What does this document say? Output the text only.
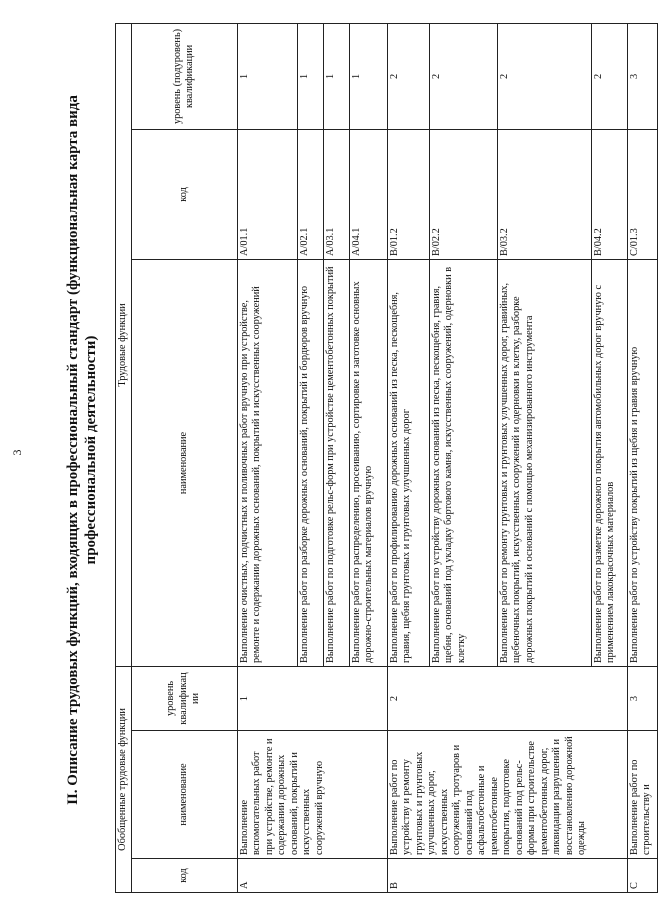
3	II. Описание трудовых функций, входящих в профессиональный стандарт (функциональная карта вида профессиональной деятельности)
Обобщенные трудовые функции			Трудовые функции		
код	наименование	уровень квалификации	наименование	код	уровень (подуровень) квалификации
A	Выполнение вспомогательных работ при устройстве, ремонте и содержании дорожных оснований, покрытий и искусственных сооружений вручную	1	Выполнение очистных, подчистных и поливочных работ вручную при устройстве, ремонте и содержании дорожных оснований, покрытий и искусственных сооружений	A/01.1	1
			Выполнение работ по разборке дорожных оснований, покрытий и бордюров вручную	A/02.1	1
			Выполнение работ по подготовке рельс-форм при устройстве цементобетонных покрытий	A/03.1	1
			Выполнение работ по распределению, просеиванию, сортировке и заготовке основных дорожно-строительных материалов вручную	A/04.1	1
B	Выполнение работ по устройству и ремонту грунтовых и грунтовых улучшенных дорог, искусственных сооружений, тротуаров и оснований под асфальтобетонные и цементобетонные покрытия, подготовке оснований под рельс-формы при строительстве цементобетонных дорог, ликвидации разрушений и восстановлению дорожной одежды	2	Выполнение работ по профилированию дорожных оснований из песка, пескощебня, гравия, щебня грунтовых и грунтовых улучшенных дорог	B/01.2	2
			Выполнение работ по устройству дорожных оснований из песка, пескощебня, гравия, щебня, оснований под укладку бортового камня, искусственных сооружений, одерновки в клетку	B/02.2	2
			Выполнение работ по ремонту грунтовых и грунтовых улучшенных дорог, гравийных, щебеночных покрытий, искусственных сооружений и одерновки в клетку, разборке дорожных покрытий и оснований с помощью механизированного инструмента	B/03.2	2
			Выполнение работ по разметке дорожного покрытия автомобильных дорог вручную с применением лакокрасочных материалов	B/04.2	2
C	Выполнение работ по строительству и	3	Выполнение работ по устройству покрытий из щебня и гравия вручную	C/01.3	3
